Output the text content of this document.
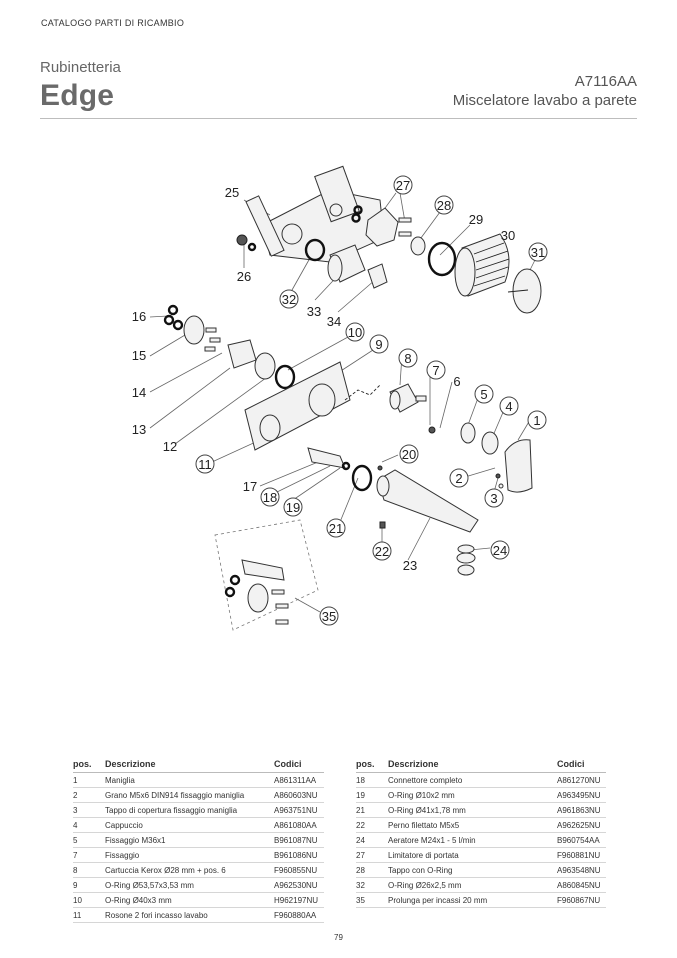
CATALOGO PARTI DI RICAMBIO
Rubinetteria
Edge	A7116AA
Miscelatore lavabo a parete
1
2
3
4
5
6
7
8
9
10
11
12
13
14
15
16
17
18
19
20
21
22
23
24
25
26
27
28
29
30
31
32
33
34
35
pos.	Descrizione	Codici
1	Maniglia	A861311AA
2	Grano M5x6 DIN914 fissaggio maniglia	A860603NU
3	Tappo di copertura fissaggio maniglia	A963751NU
4	Cappuccio	A861080AA
5	Fissaggio M36x1	B961087NU
7	Fissaggio	B961086NU
8	Cartuccia Kerox Ø28 mm + pos. 6	F960855NU
9	O-Ring Ø53,57x3,53 mm	A962530NU
10	O-Ring Ø40x3 mm	H962197NU
11	Rosone 2 fori incasso lavabo	F960880AA
pos.	Descrizione	Codici
18	Connettore completo	A861270NU
19	O-Ring Ø10x2 mm	A963495NU
21	O-Ring Ø41x1,78 mm	A961863NU
22	Perno filettato M5x5	A962625NU
24	Aeratore M24x1 - 5 l/min	B960754AA
27	Limitatore di portata	F960881NU
28	Tappo con O-Ring	A963548NU
32	O-Ring Ø26x2,5 mm	A860845NU
35	Prolunga per incassi 20 mm	F960867NU
79
